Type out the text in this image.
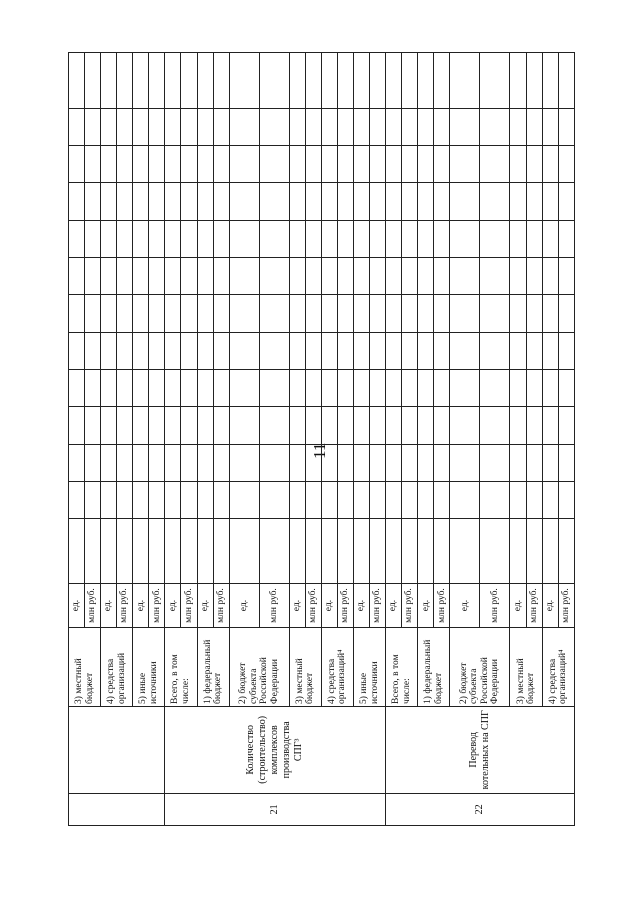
11
		3) местный бюджет	ед.													
			млн руб.													
		4) средства организаций	ед.													
			млн руб.													
		5) иные источники	ед.													
			млн руб.													
21	Количество (строительство) комплексов производства СПГ³	Всего, в том числе:	ед.													
			млн руб.													
		1) федеральный бюджет	ед.													
			млн руб.													
		2) бюджет субъекта Российской Федерации	ед.													
			млн руб.													
		3) местный бюджет	ед.													
			млн руб.													
		4) средства организаций⁴	ед.													
			млн руб.													
		5) иные источники	ед.													
			млн руб.													
22	Перевод котельных на СПГ	Всего, в том числе:	ед.													
			млн руб.													
		1) федеральный бюджет	ед.													
			млн руб.													
		2) бюджет субъекта Российской Федерации	ед.													
			млн руб.													
		3) местный бюджет	ед.													
			млн руб.													
		4) средства организаций⁴	ед.													
			млн руб.													
